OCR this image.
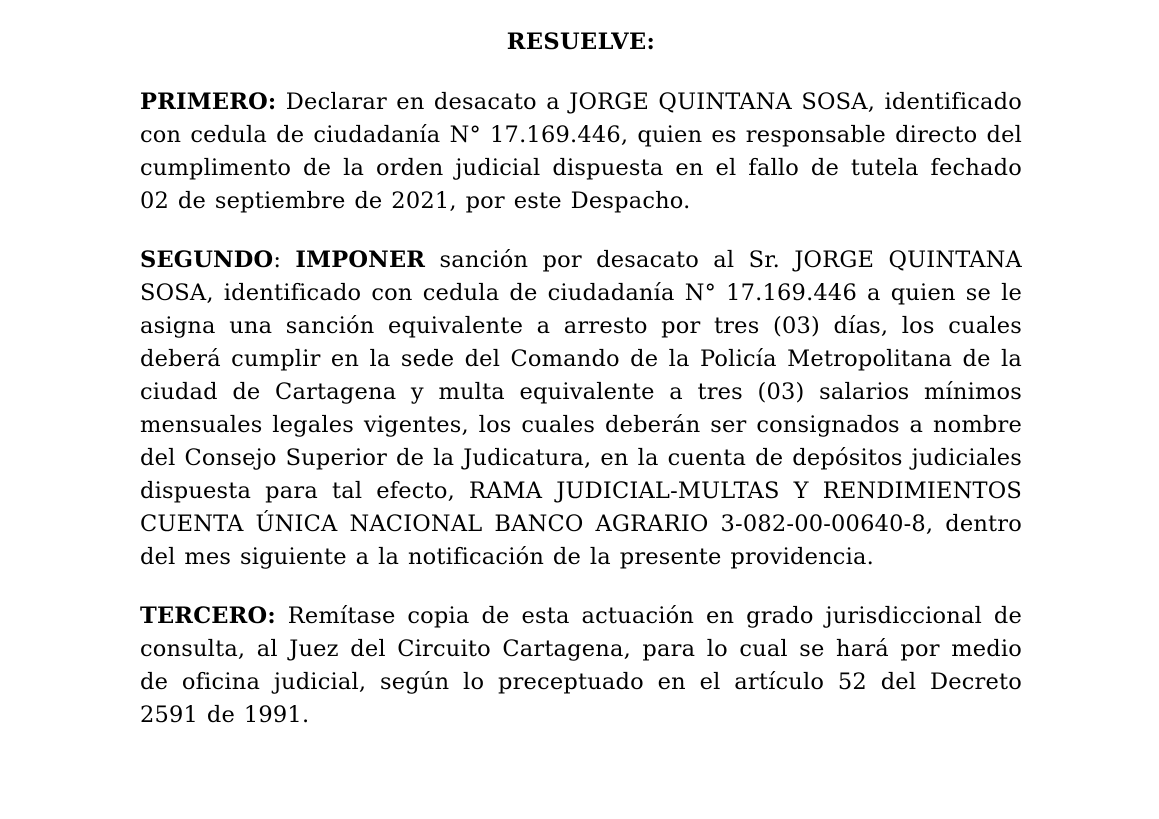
RESUELVE:

PRIMERO: Declarar en desacato a JORGE QUINTANA SOSA, identificado con cedula de ciudadanía N° 17.169.446, quien es responsable directo del cumplimento de la orden judicial dispuesta en el fallo de tutela fechado 02 de septiembre de 2021, por este Despacho.

SEGUNDO: IMPONER sanción por desacato al Sr. JORGE QUINTANA SOSA, identificado con cedula de ciudadanía N° 17.169.446 a quien se le asigna una sanción equivalente a arresto por tres (03) días, los cuales deberá cumplir en la sede del Comando de la Policía Metropolitana de la ciudad de Cartagena y multa equivalente a tres (03) salarios mínimos mensuales legales vigentes, los cuales deberán ser consignados a nombre del Consejo Superior de la Judicatura, en la cuenta de depósitos judiciales dispuesta para tal efecto, RAMA JUDICIAL-MULTAS Y RENDIMIENTOS CUENTA ÚNICA NACIONAL BANCO AGRARIO 3-082-00-00640-8, dentro del mes siguiente a la notificación de la presente providencia.

TERCERO: Remítase copia de esta actuación en grado jurisdiccional de consulta, al Juez del Circuito Cartagena, para lo cual se hará por medio de oficina judicial, según lo preceptuado en el artículo 52 del Decreto 2591 de 1991.
